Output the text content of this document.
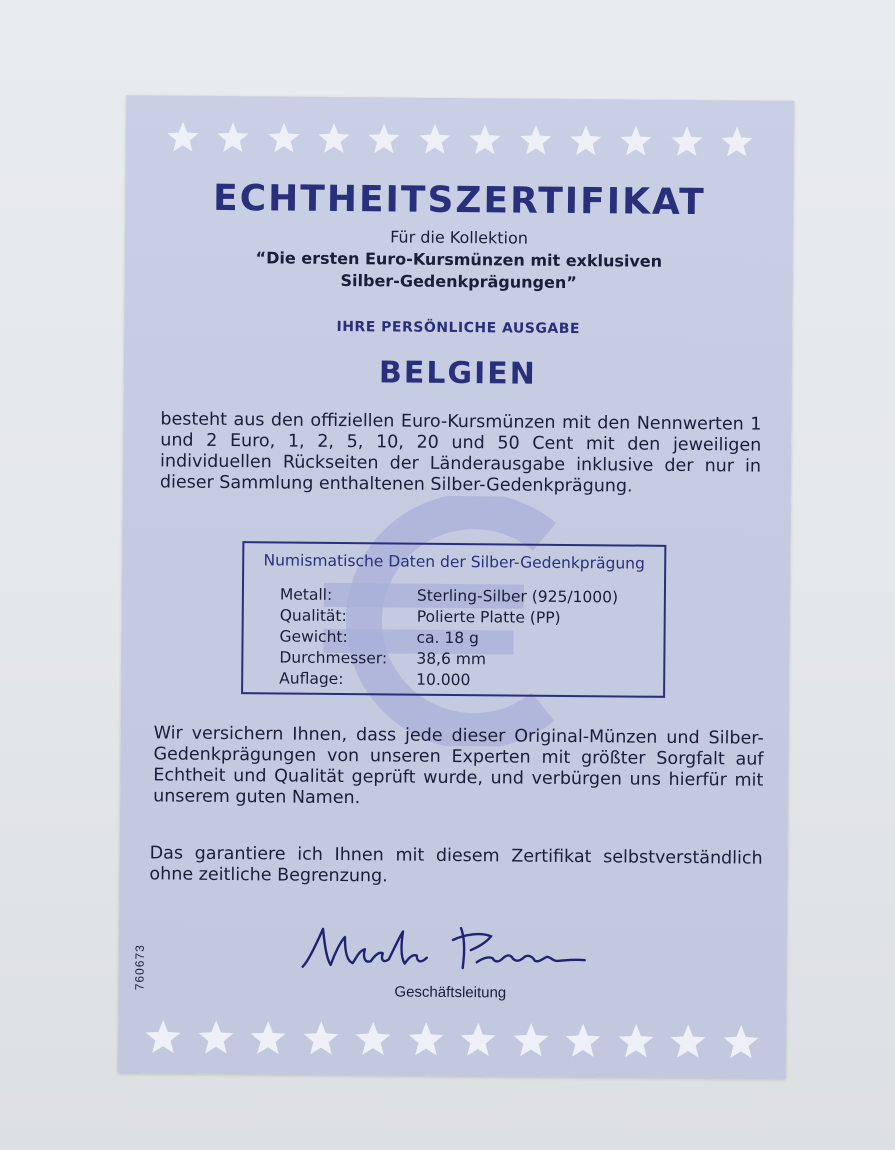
ECHTHEITSZERTIFIKAT

Für die Kollektion

“Die ersten Euro-Kursmünzen mit exklusiven

Silber-Gedenkprägungen”

IHRE PERSÖNLICHE AUSGABE

BELGIEN

besteht aus den offiziellen Euro-Kursmünzen mit den Nennwerten 1 und 2 Euro, 1, 2, 5, 10, 20 und 50 Cent mit den jeweiligen individuellen Rückseiten der Länderausgabe inklusive der nur in dieser Sammlung enthaltenen Silber-Gedenkprägung.

Numismatische Daten der Silber-Gedenkprägung

Metall:	Sterling-Silber (925/1000)
Qualität:	Polierte Platte (PP)
Gewicht:	ca. 18 g
Durchmesser:	38,6 mm
Auflage:	10.000

Wir versichern Ihnen, dass jede dieser Original-Münzen und Silber-Gedenkprägungen von unseren Experten mit größter Sorgfalt auf Echtheit und Qualität geprüft wurde, und verbürgen uns hierfür mit unserem guten Namen.

Das garantiere ich Ihnen mit diesem Zertifikat selbstverständlich ohne zeitliche Begrenzung.

Geschäftsleitung

760673
